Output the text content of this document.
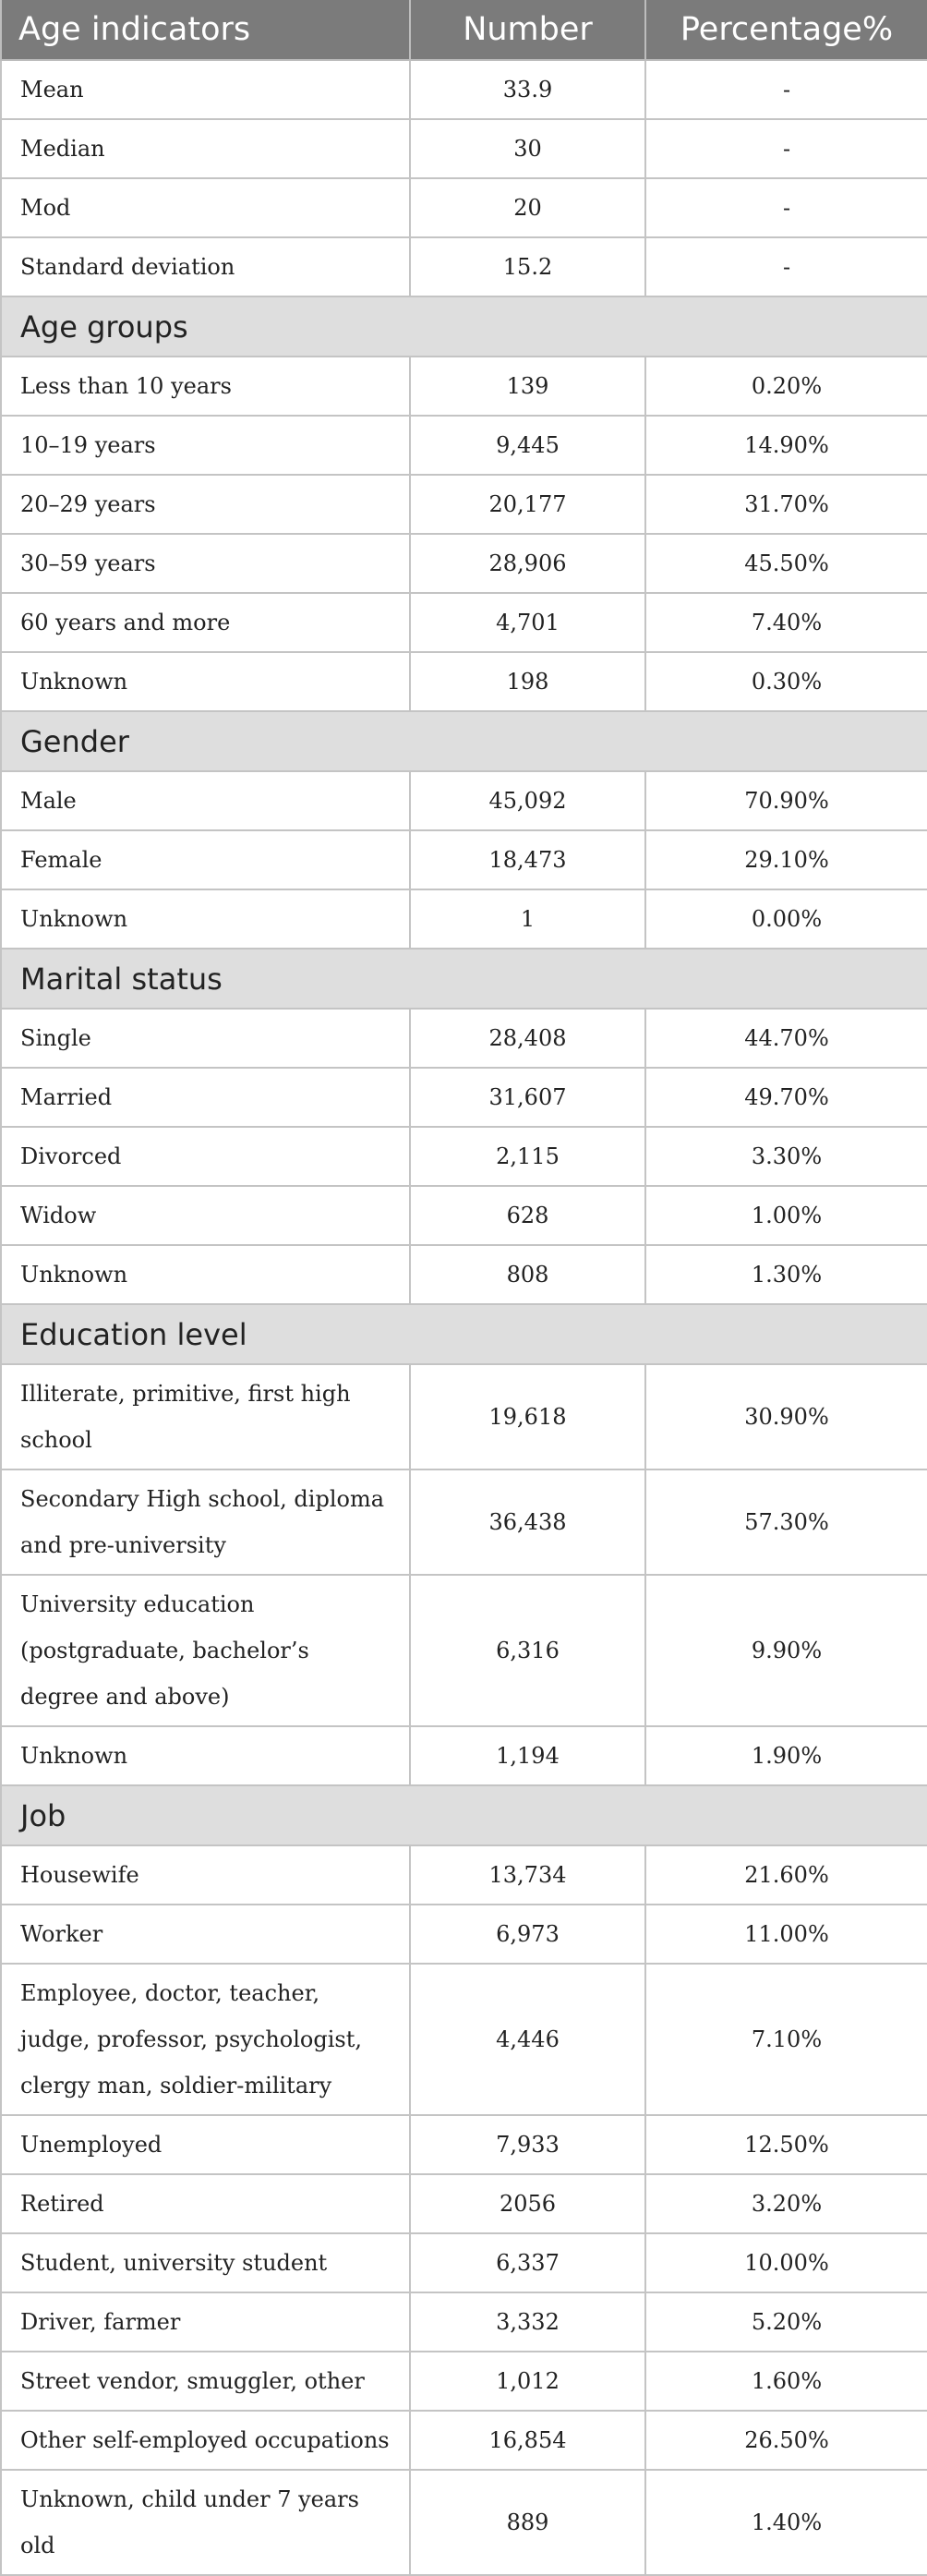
Age indicators	Number	Percentage%
Mean	33.9	-
Median	30	-
Mod	20	-
Standard deviation	15.2	-
Age groups		
Less than 10 years	139	0.20%
10–19 years	9,445	14.90%
20–29 years	20,177	31.70%
30–59 years	28,906	45.50%
60 years and more	4,701	7.40%
Unknown	198	0.30%
Gender		
Male	45,092	70.90%
Female	18,473	29.10%
Unknown	1	0.00%
Marital status		
Single	28,408	44.70%
Married	31,607	49.70%
Divorced	2,115	3.30%
Widow	628	1.00%
Unknown	808	1.30%
Education level		
Illiterate, primitive, first high school	19,618	30.90%
Secondary High school, diploma and pre-university	36,438	57.30%
University education (postgraduate, bachelor’s degree and above)	6,316	9.90%
Unknown	1,194	1.90%
Job		
Housewife	13,734	21.60%
Worker	6,973	11.00%
Employee, doctor, teacher, judge, professor, psychologist, clergy man, soldier-military	4,446	7.10%
Unemployed	7,933	12.50%
Retired	2056	3.20%
Student, university student	6,337	10.00%
Driver, farmer	3,332	5.20%
Street vendor, smuggler, other	1,012	1.60%
Other self-employed occupations	16,854	26.50%
Unknown, child under 7 years old	889	1.40%
